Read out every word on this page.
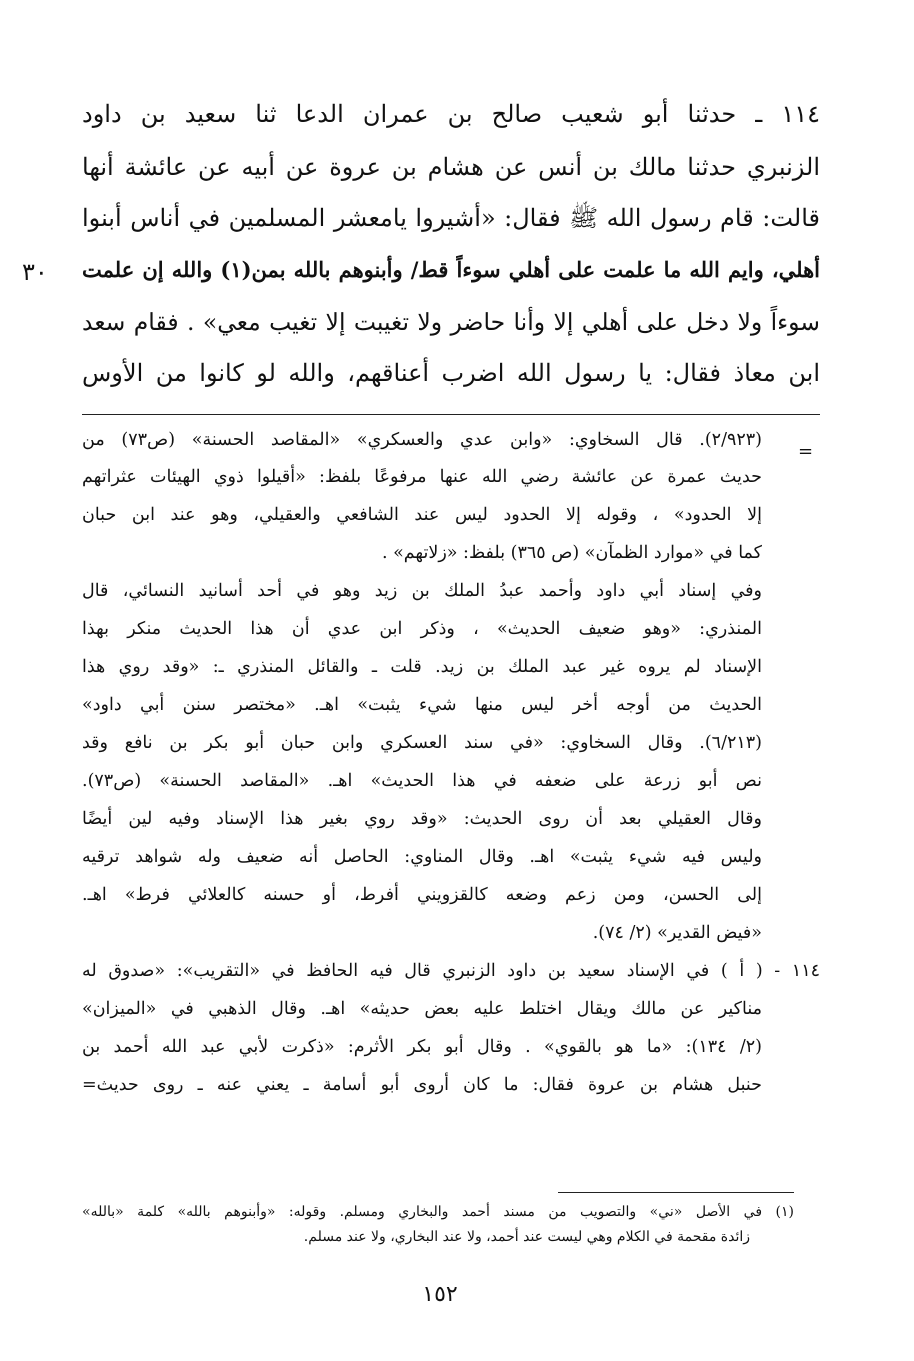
١١٤ ـ حدثنا أبو شعيب صالح بن عمران الدعا ثنا سعيد بن داود
الزنبري حدثنا مالك بن أنس عن هشام بن عروة عن أبيه عن عائشة أنها
قالت: قام رسول الله ﷺ فقال: «أشيروا يامعشر المسلمين في أناس أبنوا
أهلي، وايم الله ما علمت على أهلي سوءاً قط/ وأبنوهم بالله بمن(١) والله إن علمت
سوءاً ولا دخل على أهلي إلا وأنا حاضر ولا تغيبت إلا تغيب معي» . فقام سعد
ابن معاذ فقال: يا رسول الله اضرب أعناقهم، والله لو كانوا من الأوس
٣٠
=
(٢/٩٢٣). قال السخاوي: «وابن عدي والعسكري» «المقاصد الحسنة» (ص٧٣) من
حديث عمرة عن عائشة رضي الله عنها مرفوعًا بلفظ: «أقيلوا ذوي الهيئات عثراتهم
إلا الحدود» ، وقوله إلا الحدود ليس عند الشافعي والعقيلي، وهو عند ابن حبان
كما في «موارد الظمآن» (ص ٣٦٥) بلفظ: «زلاتهم» .
وفي إسناد أبي داود وأحمد عبدُ الملك بن زيد وهو في أحد أسانيد النسائي، قال
المنذري: «وهو ضعيف الحديث» ، وذكر ابن عدي أن هذا الحديث منكر بهذا
الإسناد لم يروه غير عبد الملك بن زيد. قلت ـ والقائل المنذري ـ: «وقد روي هذا
الحديث من أوجه أخر ليس منها شيء يثبت» اهـ. «مختصر سنن أبي داود»
(٦/٢١٣). وقال السخاوي: «في سند العسكري وابن حبان أبو بكر بن نافع وقد
نص أبو زرعة على ضعفه في هذا الحديث» اهـ. «المقاصد الحسنة» (ص٧٣).
وقال العقيلي بعد أن روى الحديث: «وقد روي بغير هذا الإسناد وفيه لين أيضًا
وليس فيه شيء يثبت» اهـ. وقال المناوي: الحاصل أنه ضعيف وله شواهد ترقيه
إلى الحسن، ومن زعم وضعه كالقزويني أفرط، أو حسنه كالعلائي فرط» اهـ.
«فيض القدير» (٢/ ٧٤).
١١٤ - ( أ ) في الإسناد سعيد بن داود الزنبري قال فيه الحافظ في «التقريب»: «صدوق له
مناكير عن مالك ويقال اختلط عليه بعض حديثه» اهـ. وقال الذهبي في «الميزان»
(٢/ ١٣٤): «ما هو بالقوي» . وقال أبو بكر الأثرم: «ذكرت لأبي عبد الله أحمد بن
حنبل هشام بن عروة فقال: ما كان أروى أبو أسامة ـ يعني عنه ـ روى حديث=
(١) في الأصل «ني» والتصويب من مسند أحمد والبخاري ومسلم. وقوله: «وأبنوهم بالله» كلمة «بالله»
زائدة مقحمة في الكلام وهي ليست عند أحمد، ولا عند البخاري، ولا عند مسلم.
١٥٢
